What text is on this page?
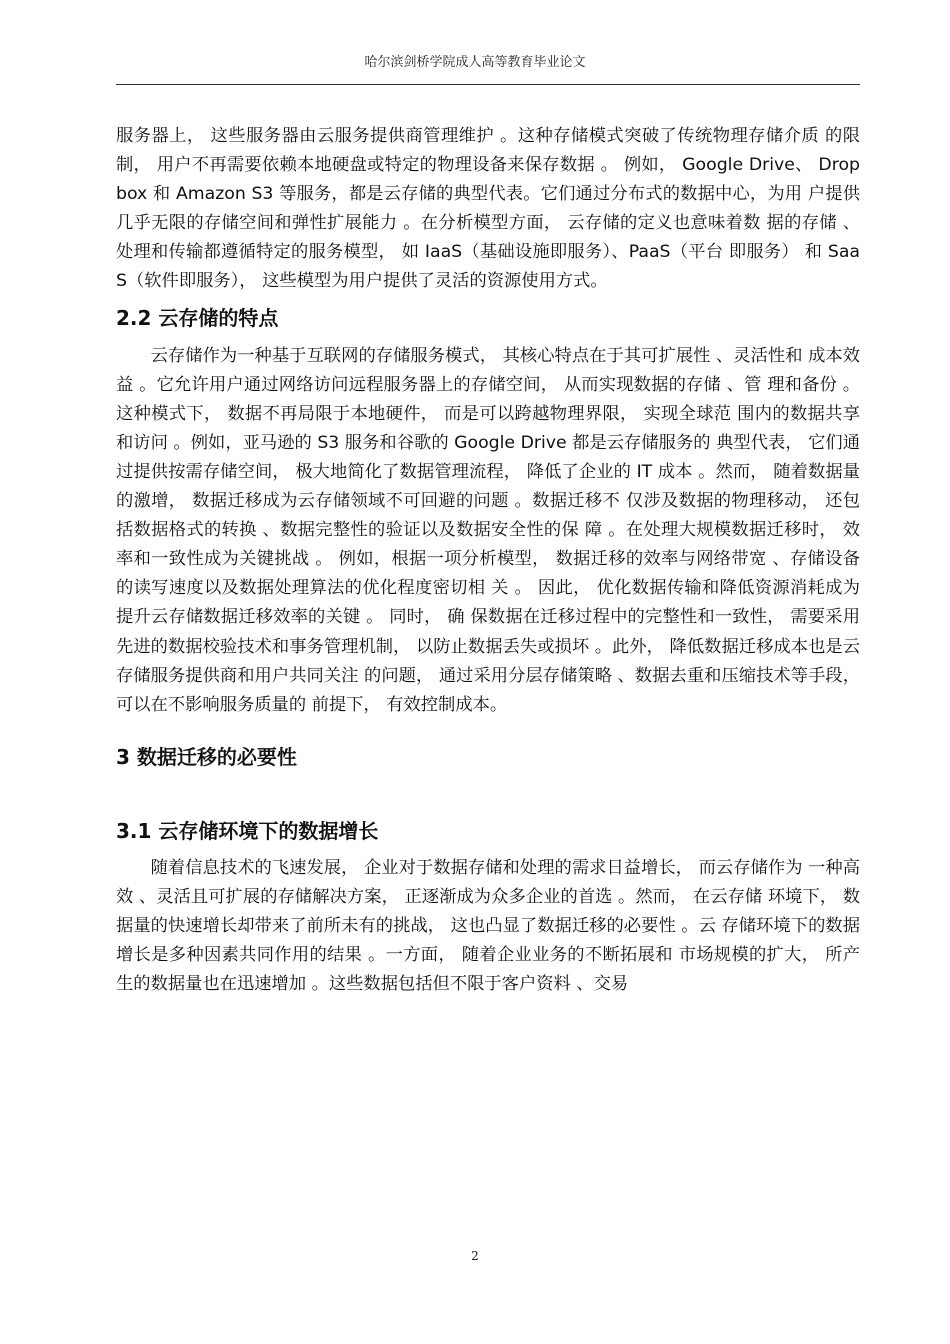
哈尔滨剑桥学院成人高等教育毕业论文

服务器上， 这些服务器由云服务提供商管理维护 。这种存储模式突破了传统物理存储介质 的限制， 用户不再需要依赖本地硬盘或特定的物理设备来保存数据 。 例如， Google Drive、 Dropbox 和 Amazon S3 等服务，都是云存储的典型代表。它们通过分布式的数据中心，为用 户提供几乎无限的存储空间和弹性扩展能力 。在分析模型方面， 云存储的定义也意味着数 据的存储 、处理和传输都遵循特定的服务模型， 如 IaaS（基础设施即服务）、PaaS（平台 即服务） 和 SaaS（软件即服务）， 这些模型为用户提供了灵活的资源使用方式。

2.2 云存储的特点

云存储作为一种基于互联网的存储服务模式， 其核心特点在于其可扩展性 、灵活性和 成本效益 。它允许用户通过网络访问远程服务器上的存储空间， 从而实现数据的存储 、管 理和备份 。这种模式下， 数据不再局限于本地硬件， 而是可以跨越物理界限， 实现全球范 围内的数据共享和访问 。例如，亚马逊的 S3 服务和谷歌的 Google Drive 都是云存储服务的 典型代表， 它们通过提供按需存储空间， 极大地简化了数据管理流程， 降低了企业的 IT 成本 。然而， 随着数据量的激增， 数据迁移成为云存储领域不可回避的问题 。数据迁移不 仅涉及数据的物理移动， 还包括数据格式的转换 、数据完整性的验证以及数据安全性的保 障 。在处理大规模数据迁移时， 效率和一致性成为关键挑战 。 例如，根据一项分析模型， 数据迁移的效率与网络带宽 、存储设备的读写速度以及数据处理算法的优化程度密切相 关 。 因此， 优化数据传输和降低资源消耗成为提升云存储数据迁移效率的关键 。 同时， 确 保数据在迁移过程中的完整性和一致性， 需要采用先进的数据校验技术和事务管理机制， 以防止数据丢失或损坏 。此外， 降低数据迁移成本也是云存储服务提供商和用户共同关注 的问题， 通过采用分层存储策略 、数据去重和压缩技术等手段， 可以在不影响服务质量的 前提下， 有效控制成本。

3 数据迁移的必要性
3.1 云存储环境下的数据增长

随着信息技术的飞速发展， 企业对于数据存储和处理的需求日益增长， 而云存储作为 一种高效 、灵活且可扩展的存储解决方案， 正逐渐成为众多企业的首选 。然而， 在云存储 环境下， 数据量的快速增长却带来了前所未有的挑战， 这也凸显了数据迁移的必要性 。云 存储环境下的数据增长是多种因素共同作用的结果 。一方面， 随着企业业务的不断拓展和 市场规模的扩大， 所产生的数据量也在迅速增加 。这些数据包括但不限于客户资料 、交易

2
